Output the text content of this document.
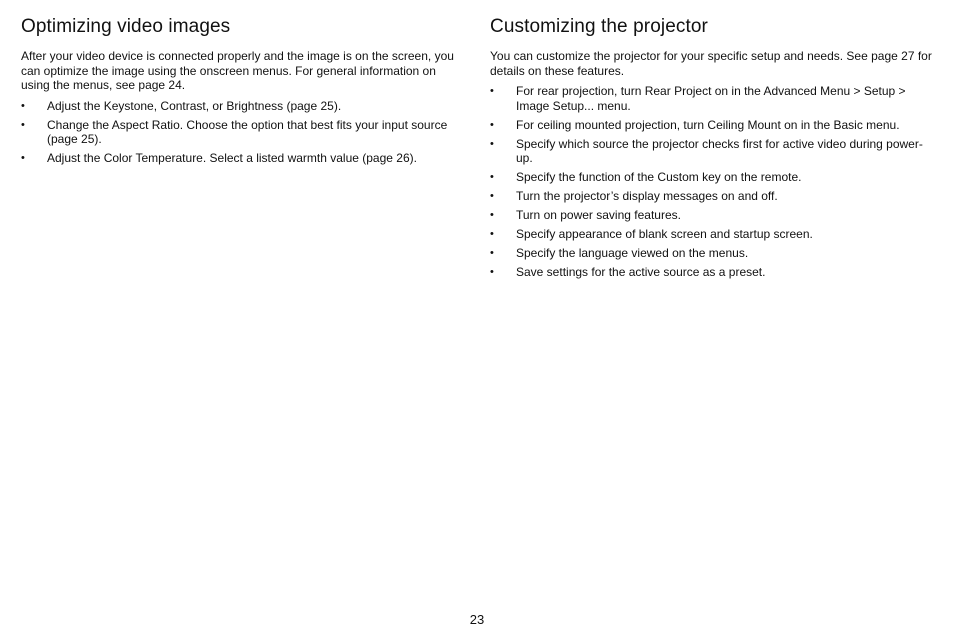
Optimizing video images

After your video device is connected properly and the image is on the screen, you can optimize the image using the onscreen menus. For general information on using the menus, see page 24.

• Adjust the Keystone, Contrast, or Brightness (page 25).
• Change the Aspect Ratio. Choose the option that best fits your input source (page 25).
• Adjust the Color Temperature. Select a listed warmth value (page 26).
Customizing the projector

You can customize the projector for your specific setup and needs. See page 27 for details on these features.

• For rear projection, turn Rear Project on in the Advanced Menu > Setup > Image Setup... menu.
• For ceiling mounted projection, turn Ceiling Mount on in the Basic menu.
• Specify which source the projector checks first for active video during power-up.
• Specify the function of the Custom key on the remote.
• Turn the projector’s display messages on and off.
• Turn on power saving features.
• Specify appearance of blank screen and startup screen.
• Specify the language viewed on the menus.
• Save settings for the active source as a preset.
23
